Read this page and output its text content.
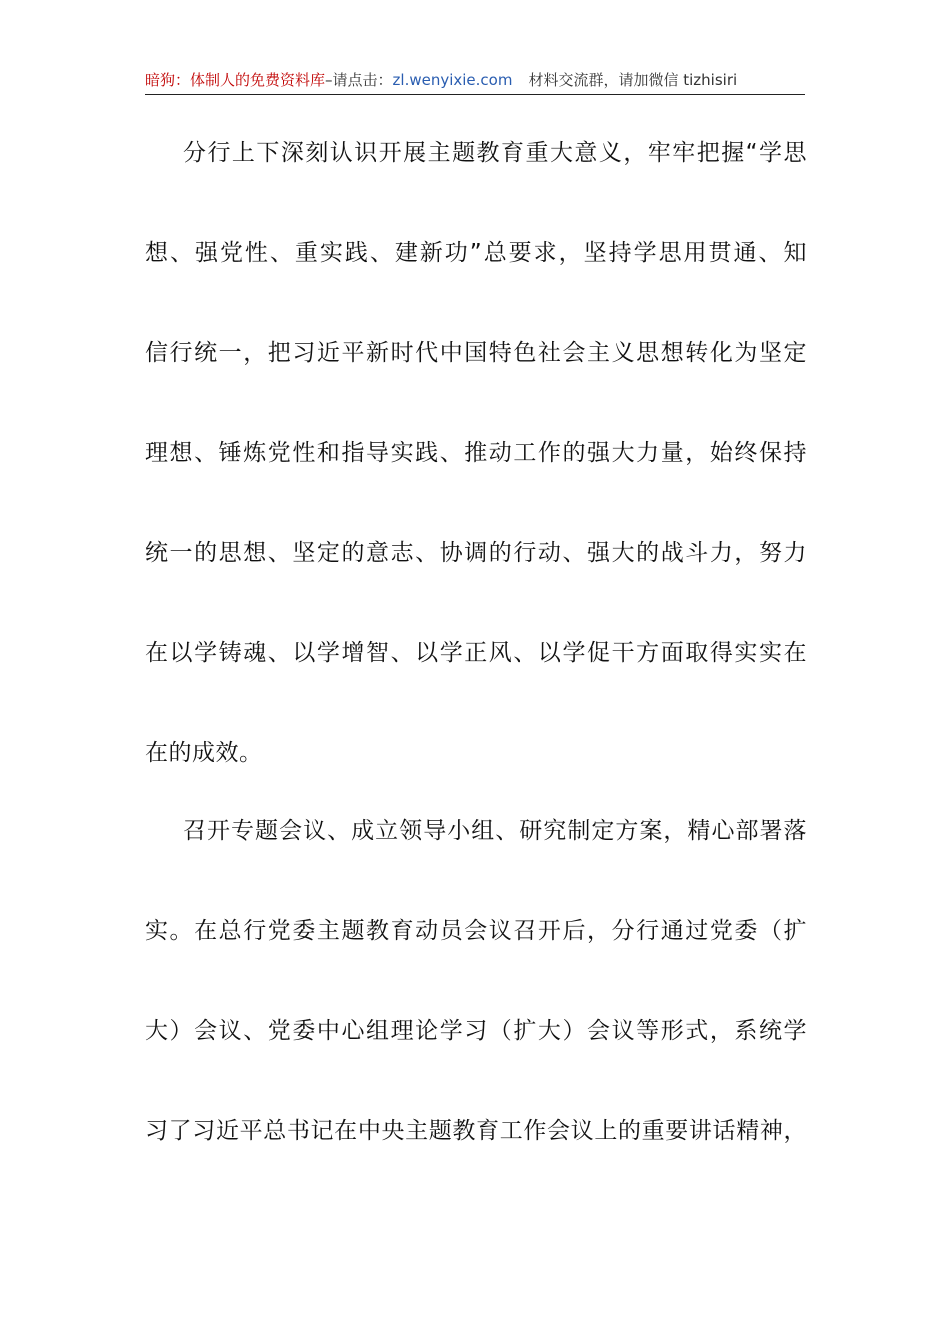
暗狗：体制人的免费资料库–请点击：zl.wenyixie.com 材料交流群，请加微信 tizhisiri
分行上下深刻认识开展主题教育重大意义，牢牢把握“学思
想、强党性、重实践、建新功”总要求，坚持学思用贯通、知
信行统一，把习近平新时代中国特色社会主义思想转化为坚定
理想、锤炼党性和指导实践、推动工作的强大力量，始终保持
统一的思想、坚定的意志、协调的行动、强大的战斗力，努力
在以学铸魂、以学增智、以学正风、以学促干方面取得实实在
在的成效。
召开专题会议、成立领导小组、研究制定方案，精心部署落
实。在总行党委主题教育动员会议召开后，分行通过党委（扩
大）会议、党委中心组理论学习（扩大）会议等形式，系统学
习了习近平总书记在中央主题教育工作会议上的重要讲话精神，
